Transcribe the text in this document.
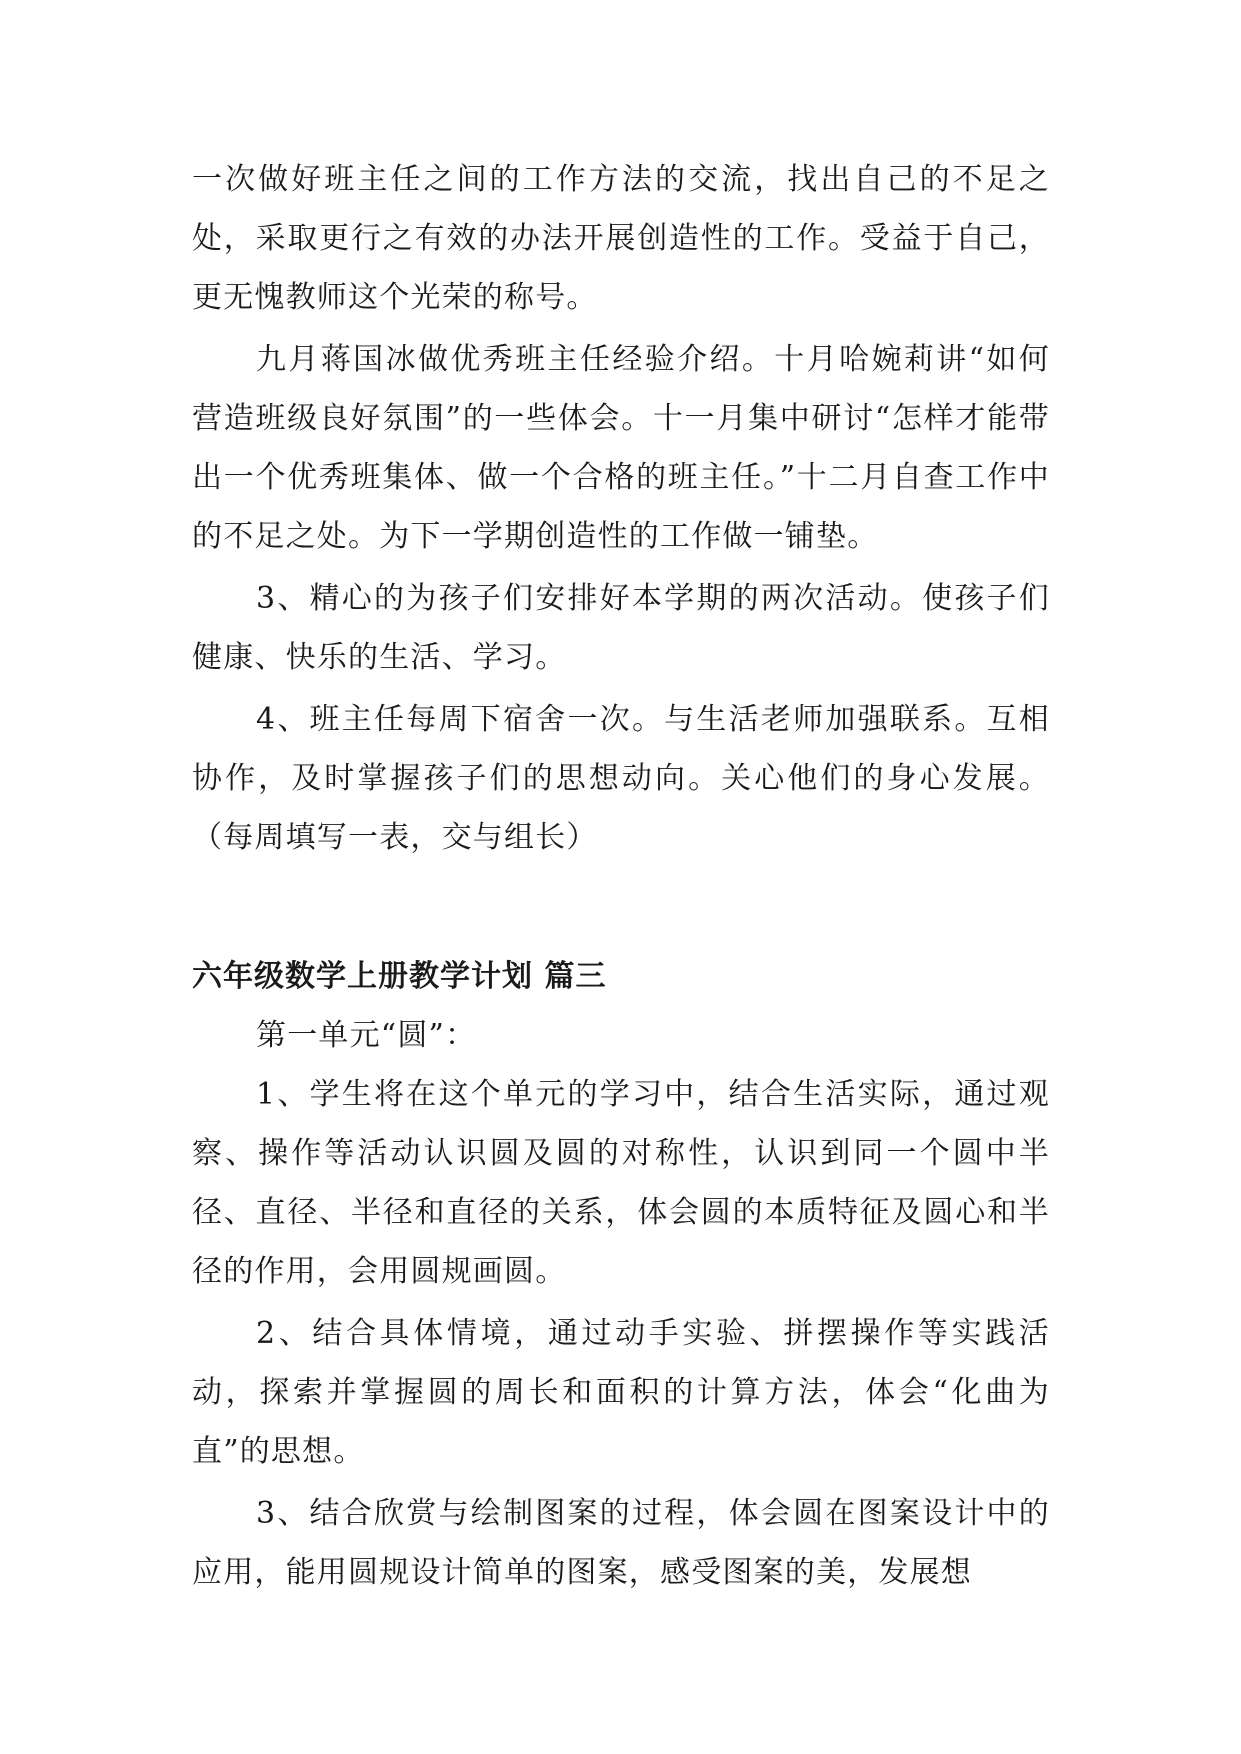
一次做好班主任之间的工作方法的交流，找出自己的不足之处，采取更行之有效的办法开展创造性的工作。受益于自己，更无愧教师这个光荣的称号。

九月蒋国冰做优秀班主任经验介绍。十月哈婉莉讲“如何营造班级良好氛围”的一些体会。十一月集中研讨“怎样才能带出一个优秀班集体、做一个合格的班主任。”十二月自查工作中的不足之处。为下一学期创造性的工作做一铺垫。

3、精心的为孩子们安排好本学期的两次活动。使孩子们健康、快乐的生活、学习。

4、班主任每周下宿舍一次。与生活老师加强联系。互相协作，及时掌握孩子们的思想动向。关心他们的身心发展。（每周填写一表，交与组长）

六年级数学上册教学计划 篇三

第一单元“圆”：

1、学生将在这个单元的学习中，结合生活实际，通过观察、操作等活动认识圆及圆的对称性，认识到同一个圆中半径、直径、半径和直径的关系，体会圆的本质特征及圆心和半径的作用，会用圆规画圆。

2、结合具体情境，通过动手实验、拼摆操作等实践活动，探索并掌握圆的周长和面积的计算方法，体会“化曲为直”的思想。

3、结合欣赏与绘制图案的过程，体会圆在图案设计中的应用，能用圆规设计简单的图案，感受图案的美，发展想
